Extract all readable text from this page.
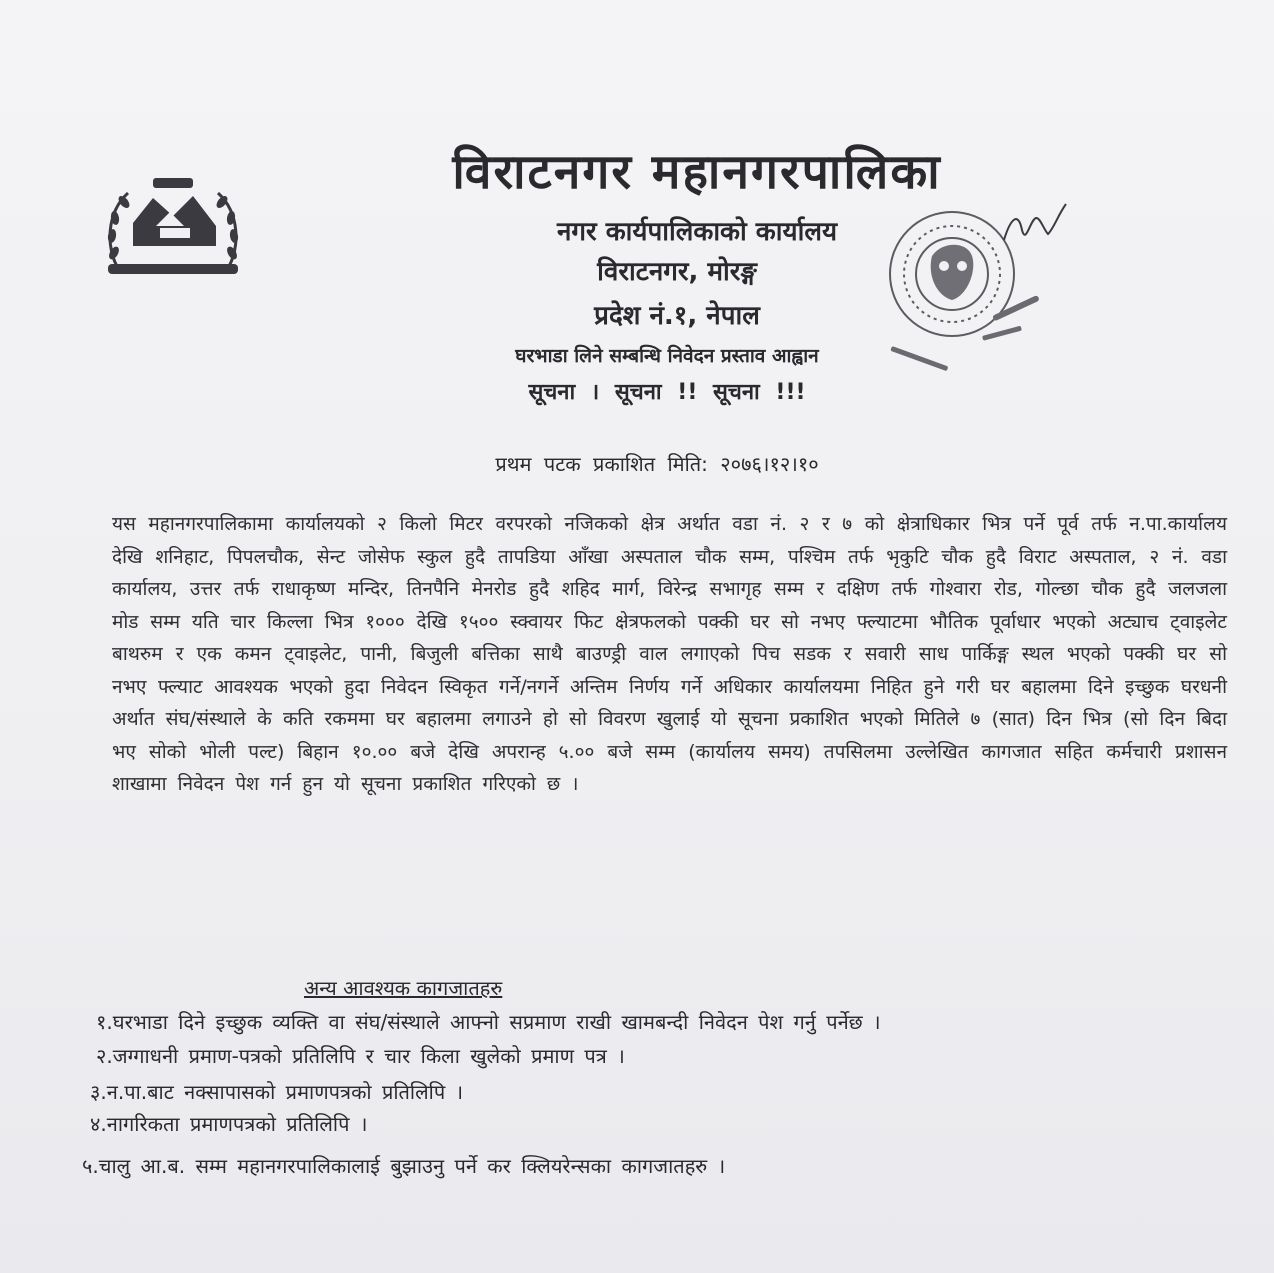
विराटनगर महानगरपालिका
नगर कार्यपालिकाको कार्यालय
विराटनगर, मोरङ्ग
प्रदेश नं.१, नेपाल
घरभाडा लिने सम्बन्धि निवेदन प्रस्ताव आह्वान
सूचना । सूचना !! सूचना !!!
प्रथम पटक प्रकाशित मिति: २०७६।१२।१०
यस महानगरपालिकामा कार्यालयको २ किलो मिटर वरपरको नजिकको क्षेत्र अर्थात वडा नं. २ र ७ को क्षेत्राधिकार भित्र पर्ने पूर्व तर्फ न.पा.कार्यालय देखि शनिहाट, पिपलचौक, सेन्ट जोसेफ स्कुल हुदै तापडिया आँखा अस्पताल चौक सम्म, पश्चिम तर्फ भृकुटि चौक हुदै विराट अस्पताल, २ नं. वडा कार्यालय, उत्तर तर्फ राधाकृष्ण मन्दिर, तिनपैनि मेनरोड हुदै शहिद मार्ग, विरेन्द्र सभागृह सम्म र दक्षिण तर्फ गोश्वारा रोड, गोल्छा चौक हुदै जलजला मोड सम्म यति चार किल्ला भित्र १००० देखि १५०० स्क्वायर फिट क्षेत्रफलको पक्की घर सो नभए फ्ल्याटमा भौतिक पूर्वाधार भएको अट्याच ट्वाइलेट बाथरुम र एक कमन ट्वाइलेट, पानी, बिजुली बत्तिका साथै बाउण्ड्री वाल लगाएको पिच सडक र सवारी साध पार्किङ्ग स्थल भएको पक्की घर सो नभए फ्ल्याट आवश्यक भएको हुदा निवेदन स्विकृत गर्ने/नगर्ने अन्तिम निर्णय गर्ने अधिकार कार्यालयमा निहित हुने गरी घर बहालमा दिने इच्छुक घरधनी अर्थात संघ/संस्थाले के कति रकममा घर बहालमा लगाउने हो सो विवरण खुलाई यो सूचना प्रकाशित भएको मितिले ७ (सात) दिन भित्र (सो दिन बिदा भए सोको भोली पल्ट) बिहान १०.०० बजे देखि अपरान्ह ५.०० बजे सम्म (कार्यालय समय) तपसिलमा उल्लेखित कागजात सहित कर्मचारी प्रशासन शाखामा निवेदन पेश गर्न हुन यो सूचना प्रकाशित गरिएको छ ।
अन्य आवश्यक कागजातहरु
१.घरभाडा दिने इच्छुक व्यक्ति वा संघ/संस्थाले आफ्नो सप्रमाण राखी खामबन्दी निवेदन पेश गर्नु पर्नेछ ।
२.जग्गाधनी प्रमाण-पत्रको प्रतिलिपि र चार किला खुलेको प्रमाण पत्र ।
३.न.पा.बाट नक्सापासको प्रमाणपत्रको प्रतिलिपि ।
४.नागरिकता प्रमाणपत्रको प्रतिलिपि ।
५.चालु आ.ब. सम्म महानगरपालिकालाई बुझाउनु पर्ने कर क्लियरेन्सका कागजातहरु ।
